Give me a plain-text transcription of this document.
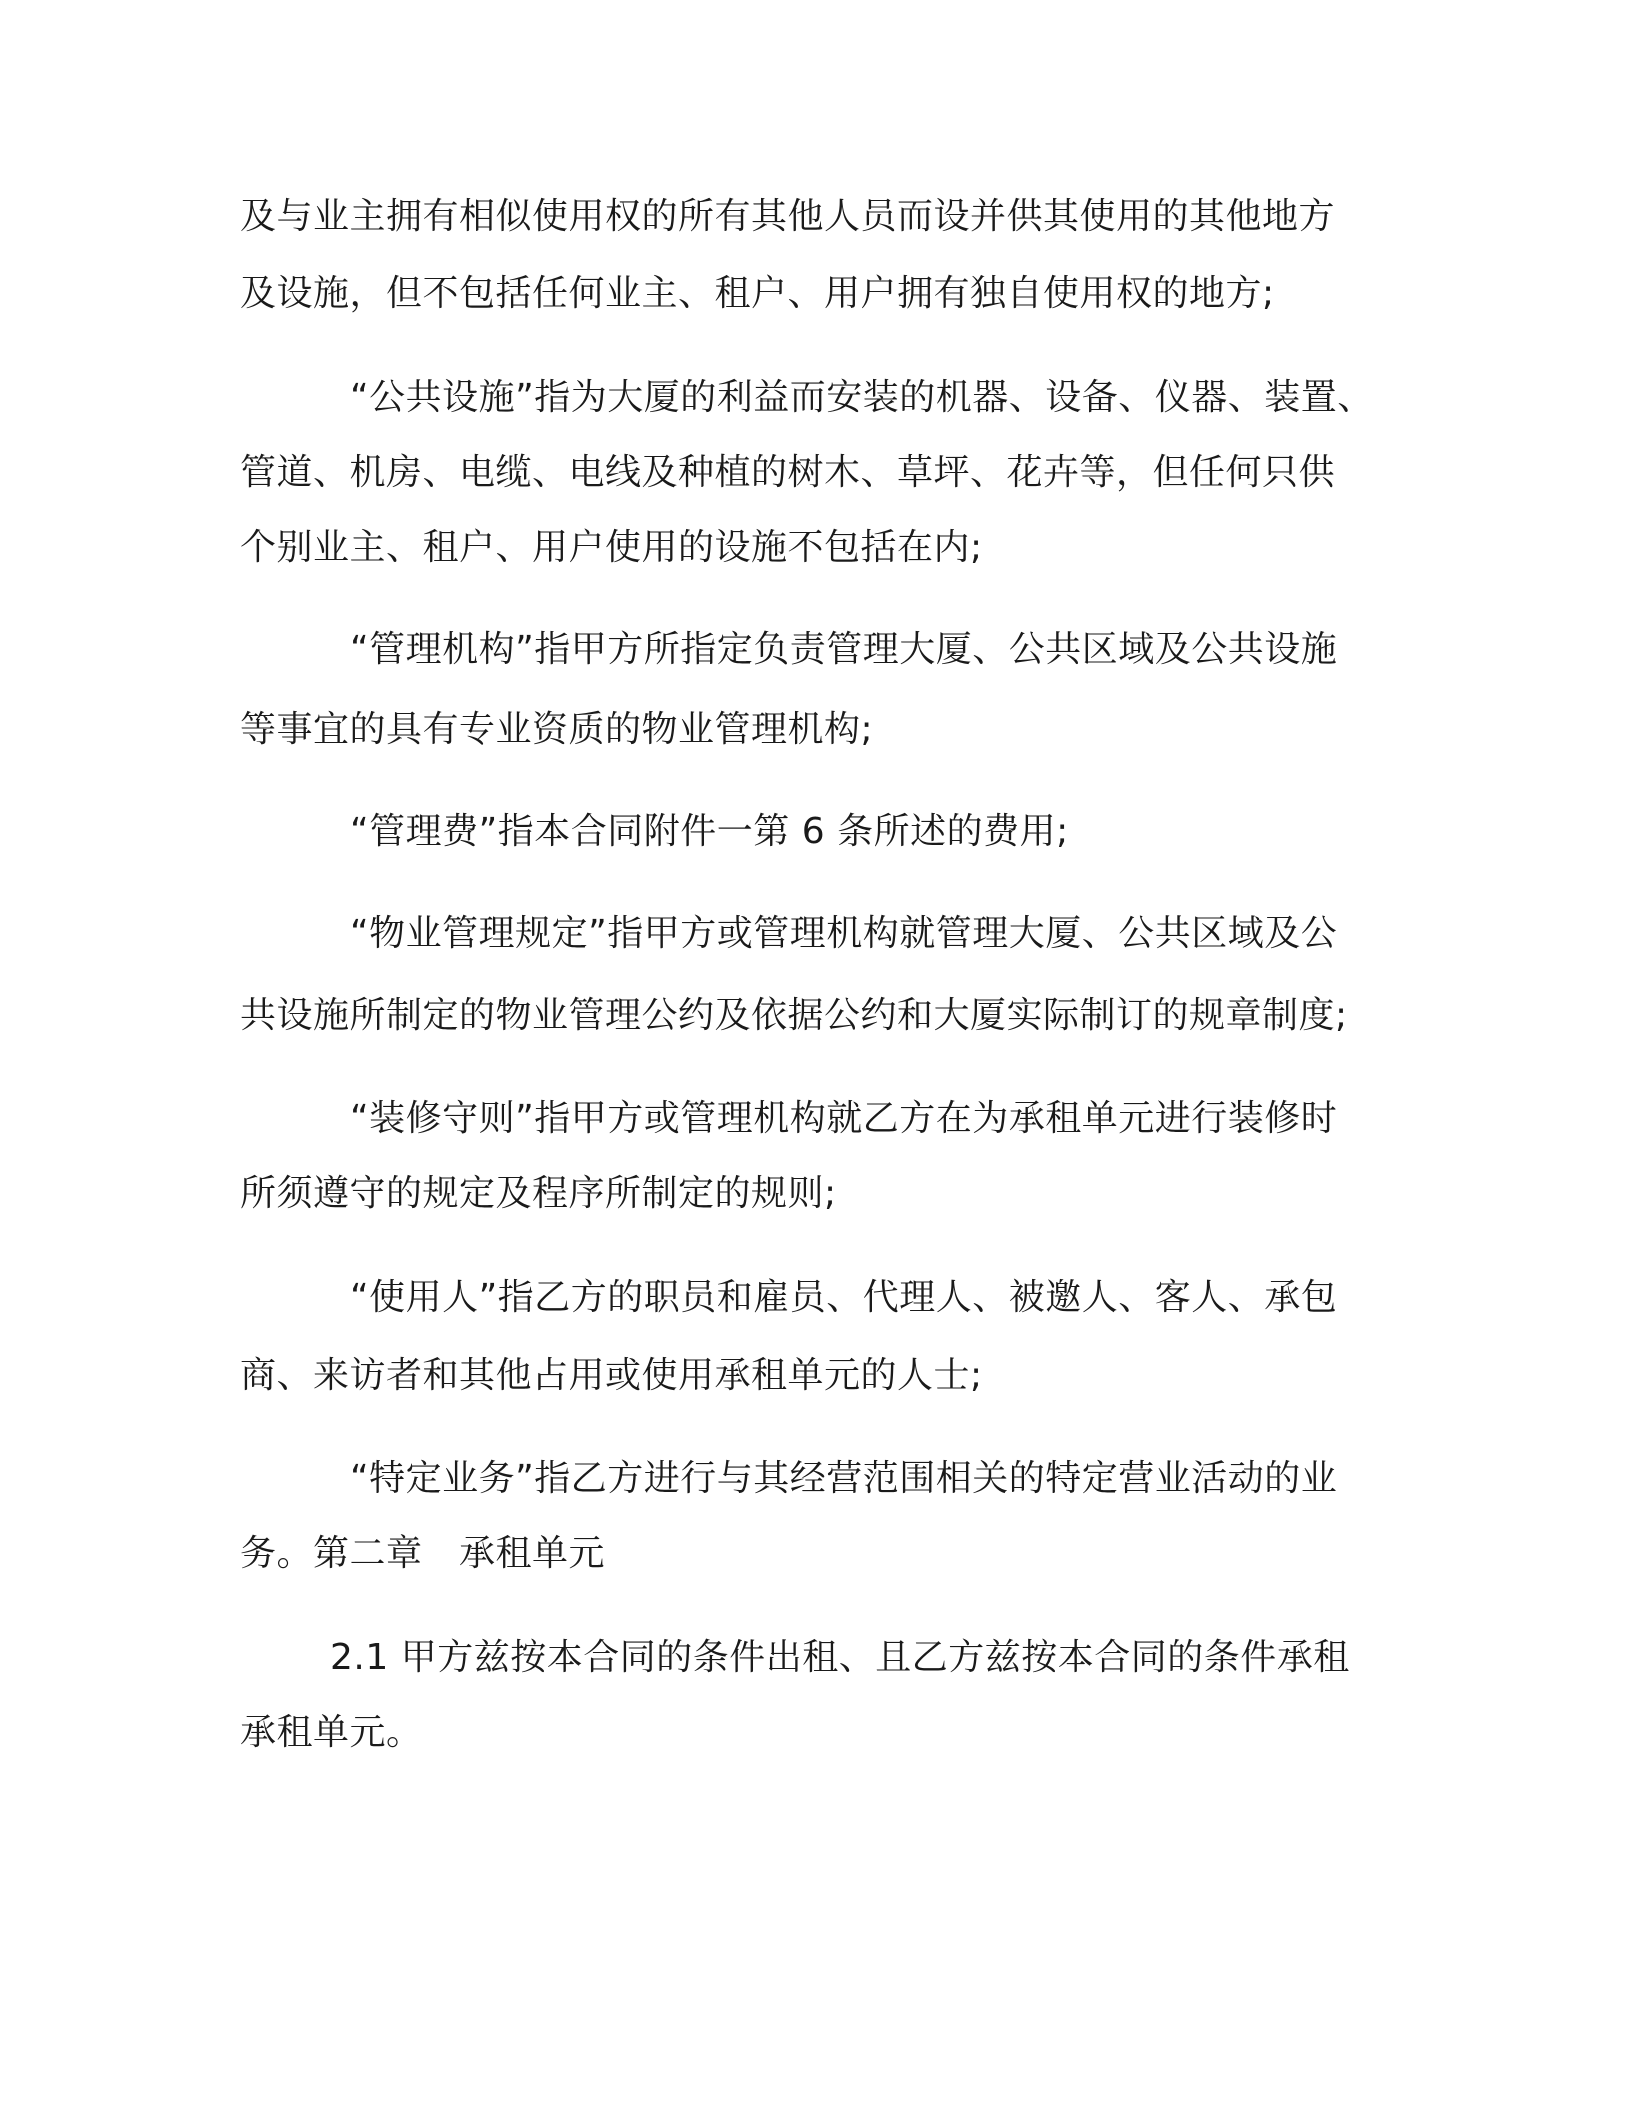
及与业主拥有相似使用权的所有其他人员而设并供其使用的其他地方
及设施，但不包括任何业主、租户、用户拥有独自使用权的地方;
“公共设施”指为大厦的利益而安装的机器、设备、仪器、装置、
管道、机房、电缆、电线及种植的树木、草坪、花卉等，但任何只供
个别业主、租户、用户使用的设施不包括在内;
“管理机构”指甲方所指定负责管理大厦、公共区域及公共设施
等事宜的具有专业资质的物业管理机构;
“管理费”指本合同附件一第 6 条所述的费用;
“物业管理规定”指甲方或管理机构就管理大厦、公共区域及公
共设施所制定的物业管理公约及依据公约和大厦实际制订的规章制度;
“装修守则”指甲方或管理机构就乙方在为承租单元进行装修时
所须遵守的规定及程序所制定的规则;
“使用人”指乙方的职员和雇员、代理人、被邀人、客人、承包
商、来访者和其他占用或使用承租单元的人士;
“特定业务”指乙方进行与其经营范围相关的特定营业活动的业
务。第二章　承租单元
2.1 甲方兹按本合同的条件出租、且乙方兹按本合同的条件承租
承租单元。
